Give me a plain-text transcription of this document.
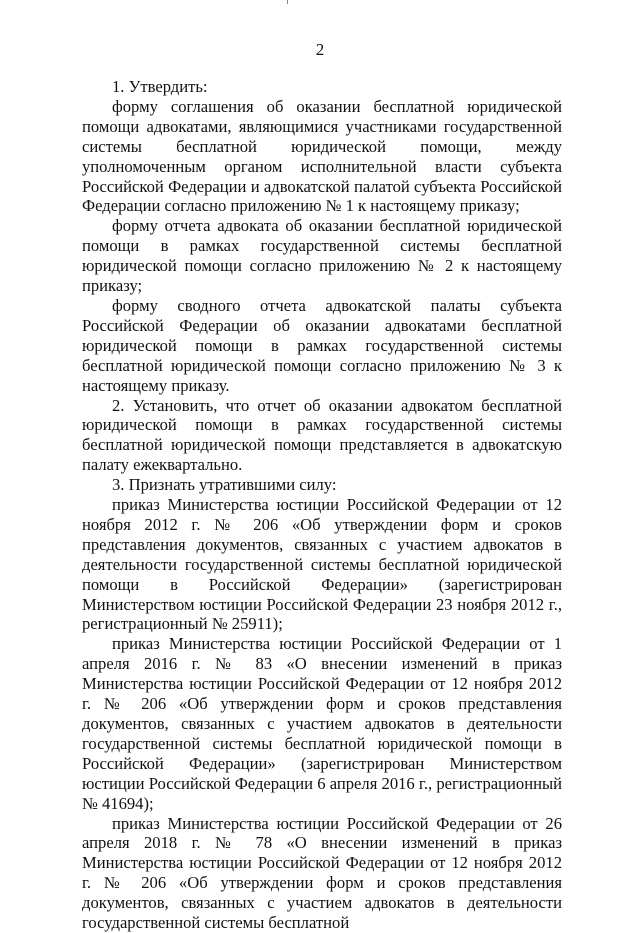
2

1. Утвердить:

форму соглашения об оказании бесплатной юридической помощи адвокатами, являющимися участниками государственной системы бесплатной юридической помощи, между уполномоченным органом исполнительной власти субъекта Российской Федерации и адвокатской палатой субъекта Российской Федерации согласно приложению № 1 к настоящему приказу;

форму отчета адвоката об оказании бесплатной юридической помощи в рамках государственной системы бесплатной юридической помощи согласно приложению № 2 к настоящему приказу;

форму сводного отчета адвокатской палаты субъекта Российской Федерации об оказании адвокатами бесплатной юридической помощи в рамках государственной системы бесплатной юридической помощи согласно приложению № 3 к настоящему приказу.

2. Установить, что отчет об оказании адвокатом бесплатной юридической помощи в рамках государственной системы бесплатной юридической помощи представляется в адвокатскую палату ежеквартально.

3. Признать утратившими силу:

приказ Министерства юстиции Российской Федерации от 12 ноября 2012 г. № 206 «Об утверждении форм и сроков представления документов, связанных с участием адвокатов в деятельности государственной системы бесплатной юридической помощи в Российской Федерации» (зарегистрирован Министерством юстиции Российской Федерации 23 ноября 2012 г., регистрационный № 25911);

приказ Министерства юстиции Российской Федерации от 1 апреля 2016 г. № 83 «О внесении изменений в приказ Министерства юстиции Российской Федерации от 12 ноября 2012 г. № 206 «Об утверждении форм и сроков представления документов, связанных с участием адвокатов в деятельности государственной системы бесплатной юридической помощи в Российской Федерации» (зарегистрирован Министерством юстиции Российской Федерации 6 апреля 2016 г., регистрационный № 41694);

приказ Министерства юстиции Российской Федерации от 26 апреля 2018 г. № 78 «О внесении изменений в приказ Министерства юстиции Российской Федерации от 12 ноября 2012 г. № 206 «Об утверждении форм и сроков представления документов, связанных с участием адвокатов в деятельности государственной системы бесплатной
